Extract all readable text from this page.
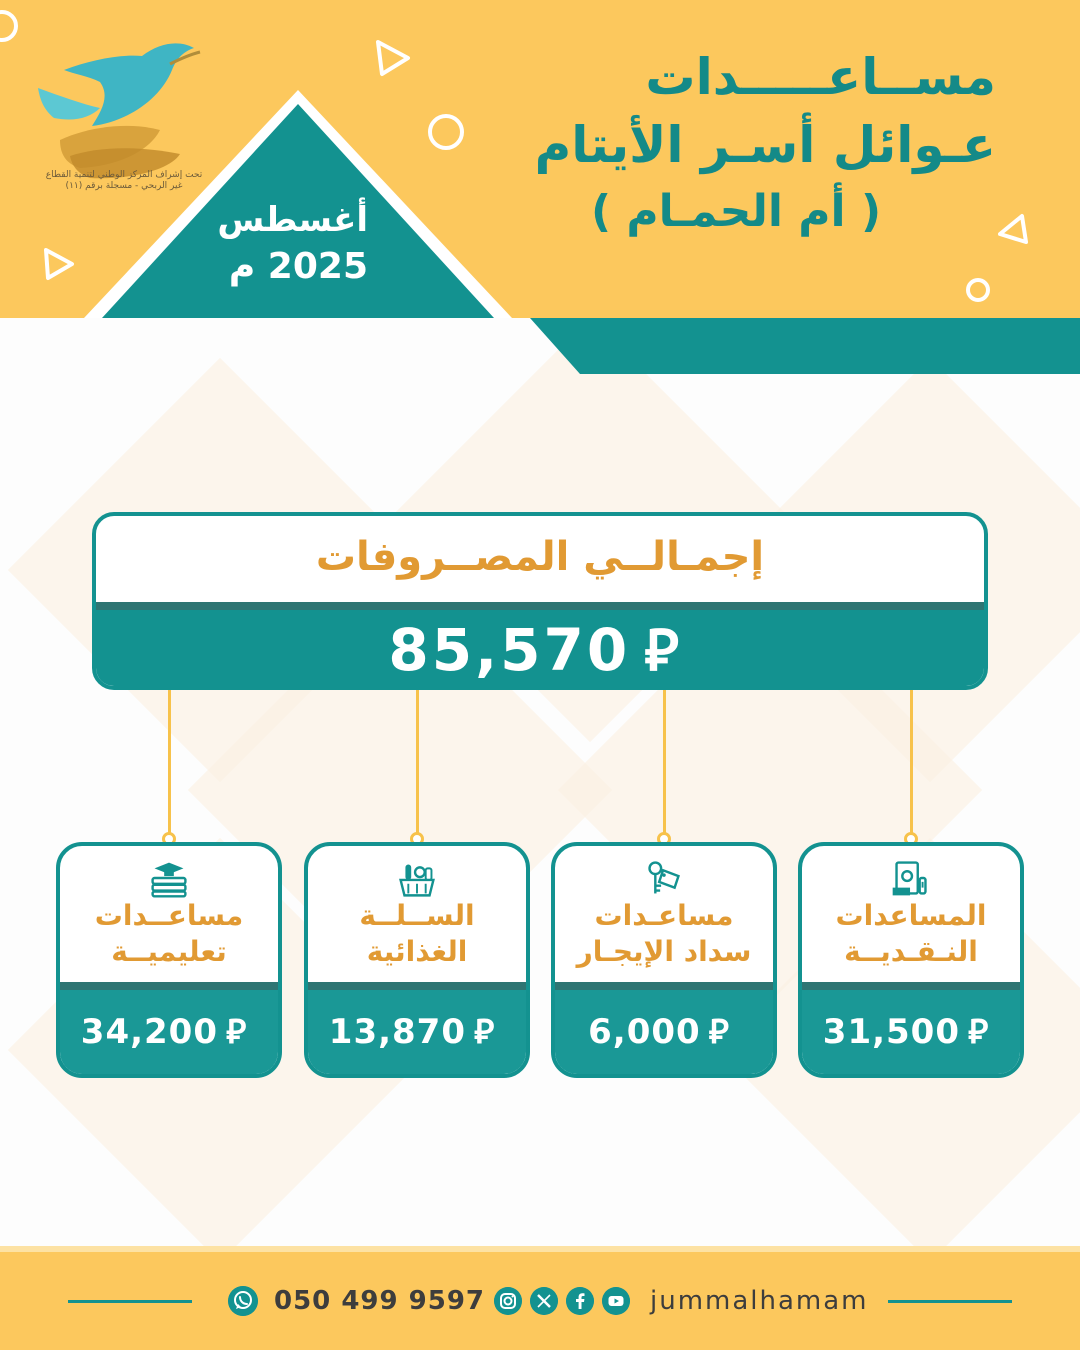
تحت إشراف المركز الوطني لتنمية القطاع
غير الربحي - مسجلة برقم (١١)
مســاعـــــدات
عـوائل أسـر الأيتام
( أم الحمـام )
أغسطس
2025 م
إجمـالــي المصــروفات
85,570 ⃁
مساعــدات
تعليميــة
34,200 ⃁
الســلــة
الغذائية
13,870 ⃁
مساعـدات
سداد الإيجـار
6,000 ⃁
المساعدات
النـقـديــة
31,500 ⃁
050 499 9597	jummalhamam
